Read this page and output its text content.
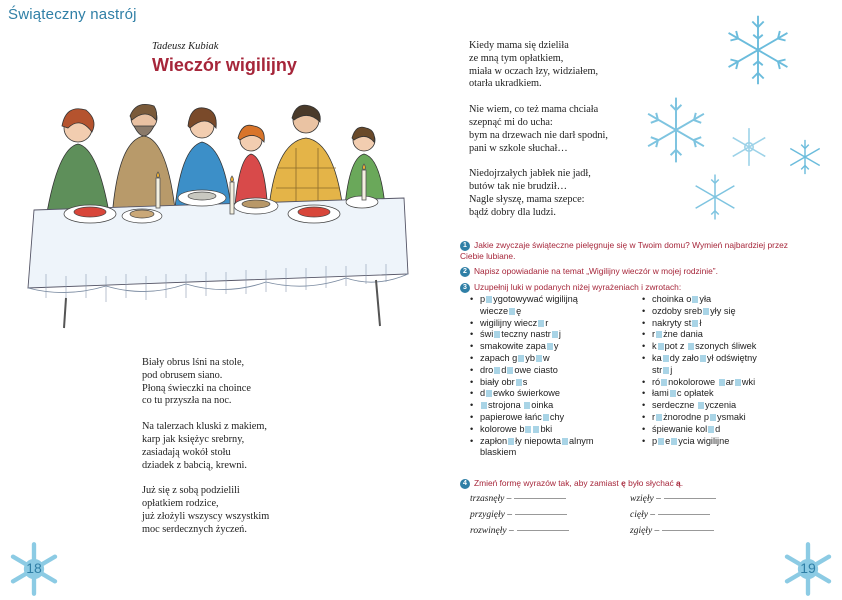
Świąteczny nastrój
Tadeusz Kubiak
Wieczór wigilijny

Biały obrus lśni na stole,
pod obrusem siano.
Płoną świeczki na choince
co tu przyszła na noc.

Na talerzach kluski z makiem,
karp jak księżyc srebrny,
zasiadają wokół stołu
dziadek z babcią, krewni.

Już się z sobą podzielili
opłatkiem rodzice,
już złożyli wszyscy wszystkim
moc serdecznych życzeń.

Kiedy mama się dzieliła
ze mną tym opłatkiem,
miała w oczach łzy, widziałem,
otarła ukradkiem.

Nie wiem, co też mama chciała
szepnąć mi do ucha:
bym na drzewach nie darł spodni,
pani w szkole słuchał…

Niedojrzałych jabłek nie jadł,
butów tak nie brudził…
Nagle słyszę, mama szepce:
bądź dobry dla ludzi.

1 Jakie zwyczaje świąteczne pielęgnuje się w Twoim domu? Wymień najbardziej przez Ciebie lubiane.
2 Napisz opowiadanie na temat „Wigilijny wieczór w mojej rodzinie”.
3 Uzupełnij luki w podanych niżej wyrażeniach i zwrotach:
• p ygotowywać wigilijną
wiecze ę
• wigilijny wiecz r
• świ teczny nastr j
• smakowite zapa y
• zapach g yb w
• dro d owe ciasto
• biały obr s
• d ewko świerkowe
• strojona oinka
• papierowe łańc chy
• kolorowe b bki
• zapłon ły niepowta alnym
blaskiem
• choinka o yła
• ozdoby sreb yły się
• nakryty st ł
• r żne dania
• k pot z szonych śliwek
• ka dy zało ył odświętny
str j
• ró nokolorowe ar wki
• łami c opłatek
• serdeczne yczenia
• r żnorodne p ysmaki
• śpiewanie kol d
• p e ycia wigilijne
4 Zmień formę wyrazów tak, aby zamiast ę było słychać ą.
trzasnęły –
przygięły –
rozwinęły –
wzięły –
cięły –
zgięły –
18	19
